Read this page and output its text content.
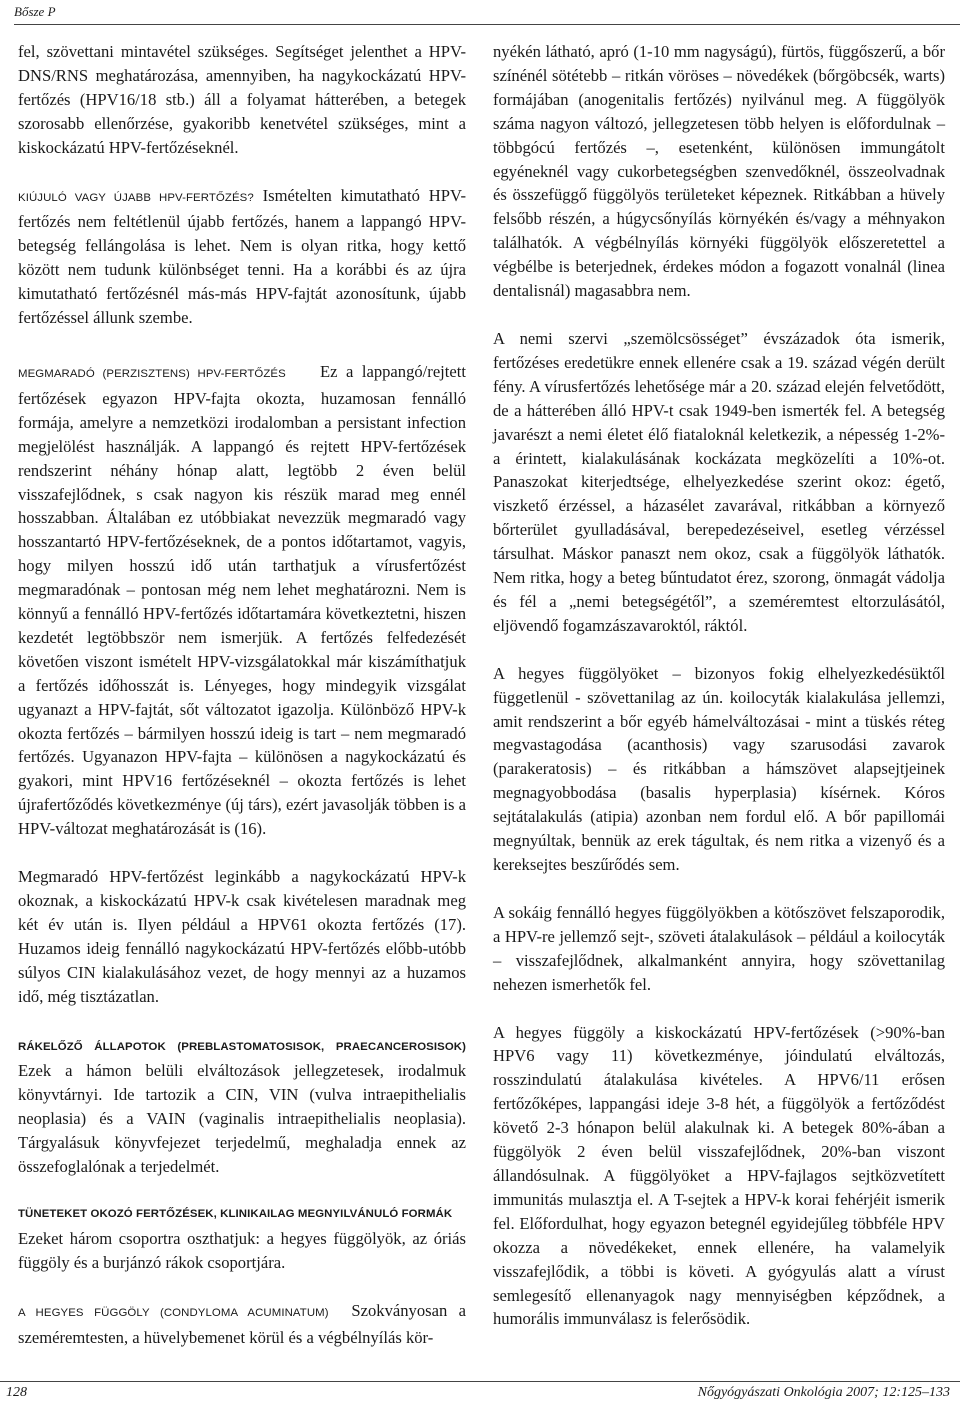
Bősze P

fel, szövettani mintavétel szükséges. Segítséget jelenthet a HPV-DNS/RNS meghatározása, amennyiben, ha nagykockázatú HPV-fertőzés (HPV16/18 stb.) áll a folyamat hátterében, a betegek szorosabb ellenőrzése, gyakoribb kenetvétel szükséges, mint a kiskockázatú HPV-fertőzéseknél.

KIÚJULÓ VAGY ÚJABB HPV-FERTŐZÉS? Ismételten kimutatható HPV-fertőzés nem feltétlenül újabb fertőzés, hanem a lappangó HPV-betegség fellángolása is lehet. Nem is olyan ritka, hogy kettő között nem tudunk különbséget tenni. Ha a korábbi és az újra kimutatható fertőzésnél más-más HPV-fajtát azonosítunk, újabb fertőzéssel állunk szembe.

MEGMARADÓ (PERZISZTENS) HPV-FERTŐZÉS    Ez a lappangó/rejtett fertőzések egyazon HPV-fajta okozta, huzamosan fennálló formája, amelyre a nemzetközi irodalomban a persistant infection megjelölést használják. A lappangó és rejtett HPV-fertőzések rendszerint néhány hónap alatt, legtöbb 2 éven belül visszafejlődnek, s csak nagyon kis részük marad meg ennél hosszabban. Általában ez utóbbiakat nevezzük megmaradó vagy hosszantartó HPV-fertőzéseknek, de a pontos időtartamot, vagyis, hogy milyen hosszú idő után tarthatjuk a vírusfertőzést megmaradónak – pontosan még nem lehet meghatározni. Nem is könnyű a fennálló HPV-fertőzés időtartamára következtetni, hiszen kezdetét legtöbbször nem ismerjük. A fertőzés felfedezését követően viszont ismételt HPV-vizsgálatokkal már kiszámíthatjuk a fertőzés időhosszát is. Lényeges, hogy mindegyik vizsgálat ugyanazt a HPV-fajtát, sőt változatot igazolja. Különböző HPV-k okozta fertőzés – bármilyen hosszú ideig is tart – nem megmaradó fertőzés. Ugyanazon HPV-fajta – különösen a nagykockázatú és gyakori, mint HPV16 fertőzéseknél – okozta fertőzés is lehet újrafertőződés következménye (új társ), ezért javasolják többen is a HPV-változat meghatározását is (16).

Megmaradó HPV-fertőzést leginkább a nagykockázatú HPV-k okoznak, a kiskockázatú HPV-k csak kivételesen maradnak meg két év után is. Ilyen például a HPV61 okozta fertőzés (17). Huzamos ideig fennálló nagykockázatú HPV-fertőzés előbb-utóbb súlyos CIN kialakulásához vezet, de hogy mennyi az a huzamos idő, még tisztázatlan.

RÁKELŐZŐ ÁLLAPOTOK (PREBLASTOMATOSISOK, PRAECANCEROSISOK) Ezek a hámon belüli elváltozások jellegzetesek, irodalmuk könyvtárnyi. Ide tartozik a CIN, VIN (vulva intraepithelialis neoplasia) és a VAIN (vaginalis intraepithelialis neoplasia). Tárgyalásuk könyvfejezet terjedelmű, meghaladja ennek az összefoglalónak a terjedelmét.

TÜNETEKET OKOZÓ FERTŐZÉSEK, KLINIKAILAG MEGNYILVÁNULÓ FORMÁK
Ezeket három csoportra oszthatjuk: a hegyes függölyök, az óriás függöly és a burjánzó rákok csoportjára.

A HEGYES FÜGGÖLY (CONDYLOMA ACUMINATUM)  Szokványosan a szeméremtesten, a hüvelybemenet körül és a végbélnyílás kör-

nyékén látható, apró (1-10 mm nagyságú), fürtös, függőszerű, a bőr színénél sötétebb – ritkán vöröses – növedékek (bőrgöbcsék, warts) formájában (anogenitalis fertőzés) nyilvánul meg. A függölyök száma nagyon változó, jellegzetesen több helyen is előfordulnak – többgócú fertőzés –, esetenként, különösen immungátolt egyéneknél vagy cukorbetegségben szenvedőknél, összeolvadnak és összefüggő függölyös területeket képeznek. Ritkábban a hüvely felsőbb részén, a húgycsőnyílás környékén és/vagy a méhnyakon találhatók. A végbélnyílás környéki függölyök előszeretettel a végbélbe is beterjednek, érdekes módon a fogazott vonalnál (linea dentalisnál) magasabbra nem.

A nemi szervi „szemölcsösséget” évszázadok óta ismerik, fertőzéses eredetükre ennek ellenére csak a 19. század végén derült fény. A vírusfertőzés lehetősége már a 20. század elején felvetődött, de a hátterében álló HPV-t csak 1949-ben ismerték fel. A betegség javarészt a nemi életet élő fiataloknál keletkezik, a népesség 1-2%-a érintett, kialakulásának kockázata megközelíti a 10%-ot. Panaszokat kiterjedtsége, elhelyezkedése szerint okoz: égető, viszkető érzéssel, a házasélet zavarával, ritkábban a környező bőrterület gyulladásával, berepedezéseivel, esetleg vérzéssel társulhat. Máskor panaszt nem okoz, csak a függölyök láthatók. Nem ritka, hogy a beteg bűntudatot érez, szorong, önmagát vádolja és fél a „nemi betegségétől”, a szeméremtest eltorzulásától, eljövendő fogamzászavaroktól, ráktól.

A hegyes függölyöket – bizonyos fokig elhelyezkedésüktől függetlenül - szövettanilag az ún. koilocyták kialakulása jellemzi, amit rendszerint a bőr egyéb hámelváltozásai - mint a tüskés réteg megvastagodása (acanthosis) vagy szarusodási zavarok (parakeratosis) – és ritkábban a hámszövet alapsejtjeinek megnagyobbodása (basalis hyperplasia) kísérnek. Kóros sejtátalakulás (atipia) azonban nem fordul elő. A bőr papillomái megnyúltak, bennük az erek tágultak, és nem ritka a vizenyő és a kereksejtes beszűrődés sem.

A sokáig fennálló hegyes függölyökben a kötőszövet felszaporodik, a HPV-re jellemző sejt-, szöveti átalakulások – például a koilocyták – visszafejlődnek, alkalmanként annyira, hogy szövettanilag nehezen ismerhetők fel.

A hegyes függöly a kiskockázatú HPV-fertőzések (>90%-ban HPV6 vagy 11) következménye, jóindulatú elváltozás, rosszindulatú átalakulása kivételes. A HPV6/11 erősen fertőzőképes, lappangási ideje 3-8 hét, a függölyök a fertőződést követő 2-3 hónapon belül alakulnak ki. A betegek 80%-ában a függölyök 2 éven belül visszafejlődnek, 20%-ban viszont állandósulnak. A függölyöket a HPV-fajlagos sejtközvetített immunitás mulasztja el. A T-sejtek a HPV-k korai fehérjéit ismerik fel. Előfordulhat, hogy egyazon betegnél egyidejűleg többféle HPV okozza a növedékeket, ennek ellenére, ha valamelyik visszafejlődik, a többi is követi. A gyógyulás alatt a vírust semlegesítő ellenanyagok nagy mennyiségben képződnek, a humorális immunválasz is felerősödik.

128	Nőgyógyászati Onkológia 2007; 12:125–133
